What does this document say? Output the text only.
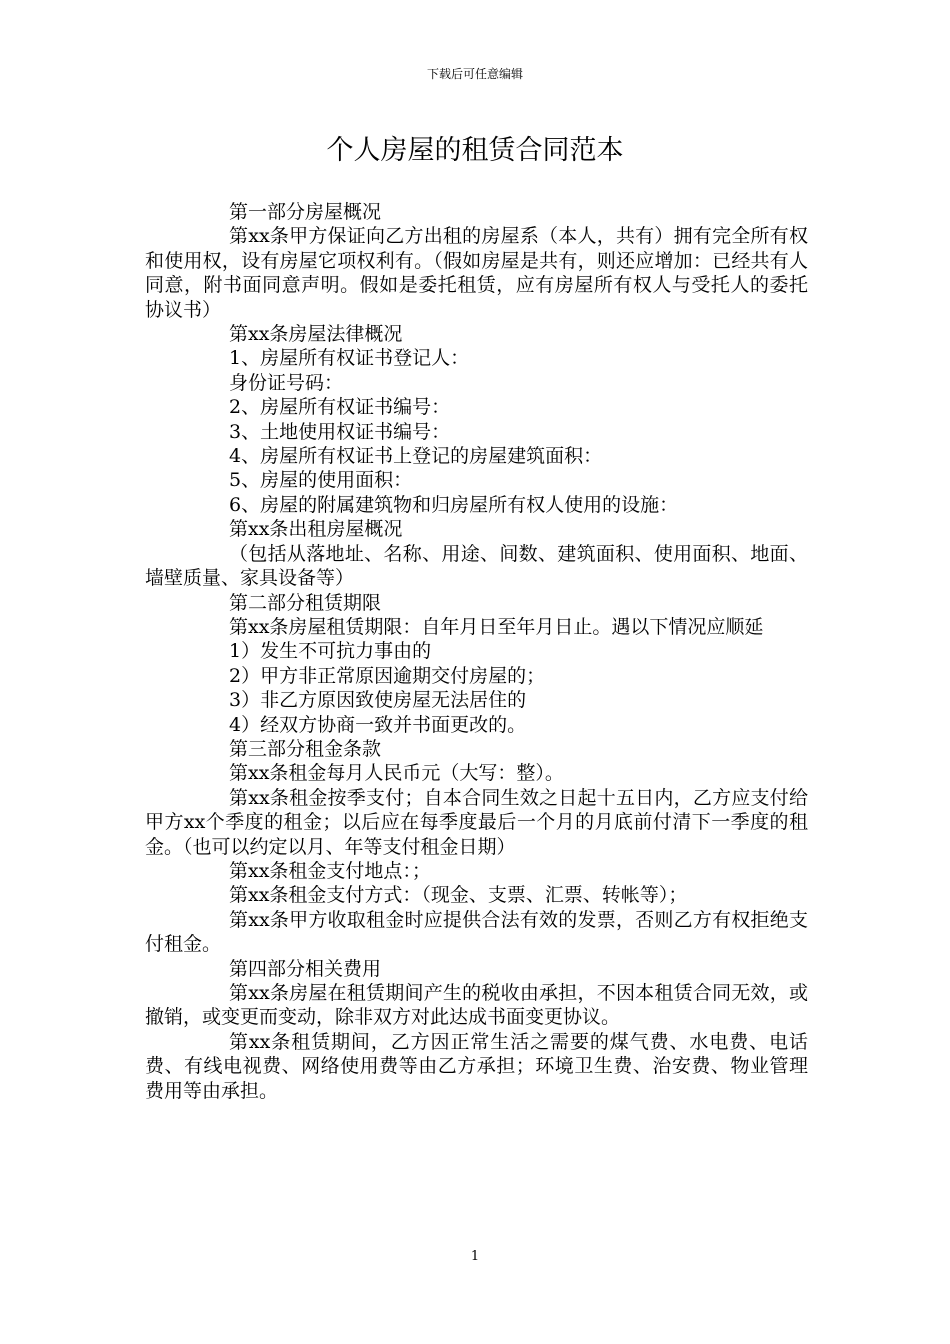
下载后可任意编辑
个人房屋的租赁合同范本

第一部分房屋概况

第xx条甲方保证向乙方出租的房屋系（本人，共有）拥有完全所有权和使用权，设有房屋它项权利有。（假如房屋是共有，则还应增加：已经共有人同意，附书面同意声明。假如是委托租赁，应有房屋所有权人与受托人的委托协议书）

第xx条房屋法律概况

1、房屋所有权证书登记人：

身份证号码：

2、房屋所有权证书编号：

3、土地使用权证书编号：

4、房屋所有权证书上登记的房屋建筑面积：

5、房屋的使用面积：

6、房屋的附属建筑物和归房屋所有权人使用的设施：

第xx条出租房屋概况

（包括从落地址、名称、用途、间数、建筑面积、使用面积、地面、墙壁质量、家具设备等）

第二部分租赁期限

第xx条房屋租赁期限：自年月日至年月日止。遇以下情况应顺延

1）发生不可抗力事由的

2）甲方非正常原因逾期交付房屋的；

3）非乙方原因致使房屋无法居住的

4）经双方协商一致并书面更改的。

第三部分租金条款

第xx条租金每月人民币元（大写：整）。

第xx条租金按季支付；自本合同生效之日起十五日内，乙方应支付给甲方xx个季度的租金；以后应在每季度最后一个月的月底前付清下一季度的租金。（也可以约定以月、年等支付租金日期）

第xx条租金支付地点：；

第xx条租金支付方式：（现金、支票、汇票、转帐等）；

第xx条甲方收取租金时应提供合法有效的发票，否则乙方有权拒绝支付租金。

第四部分相关费用

第xx条房屋在租赁期间产生的税收由承担，不因本租赁合同无效，或撤销，或变更而变动，除非双方对此达成书面变更协议。

第xx条租赁期间，乙方因正常生活之需要的煤气费、水电费、电话费、有线电视费、网络使用费等由乙方承担；环境卫生费、治安费、物业管理费用等由承担。

1
